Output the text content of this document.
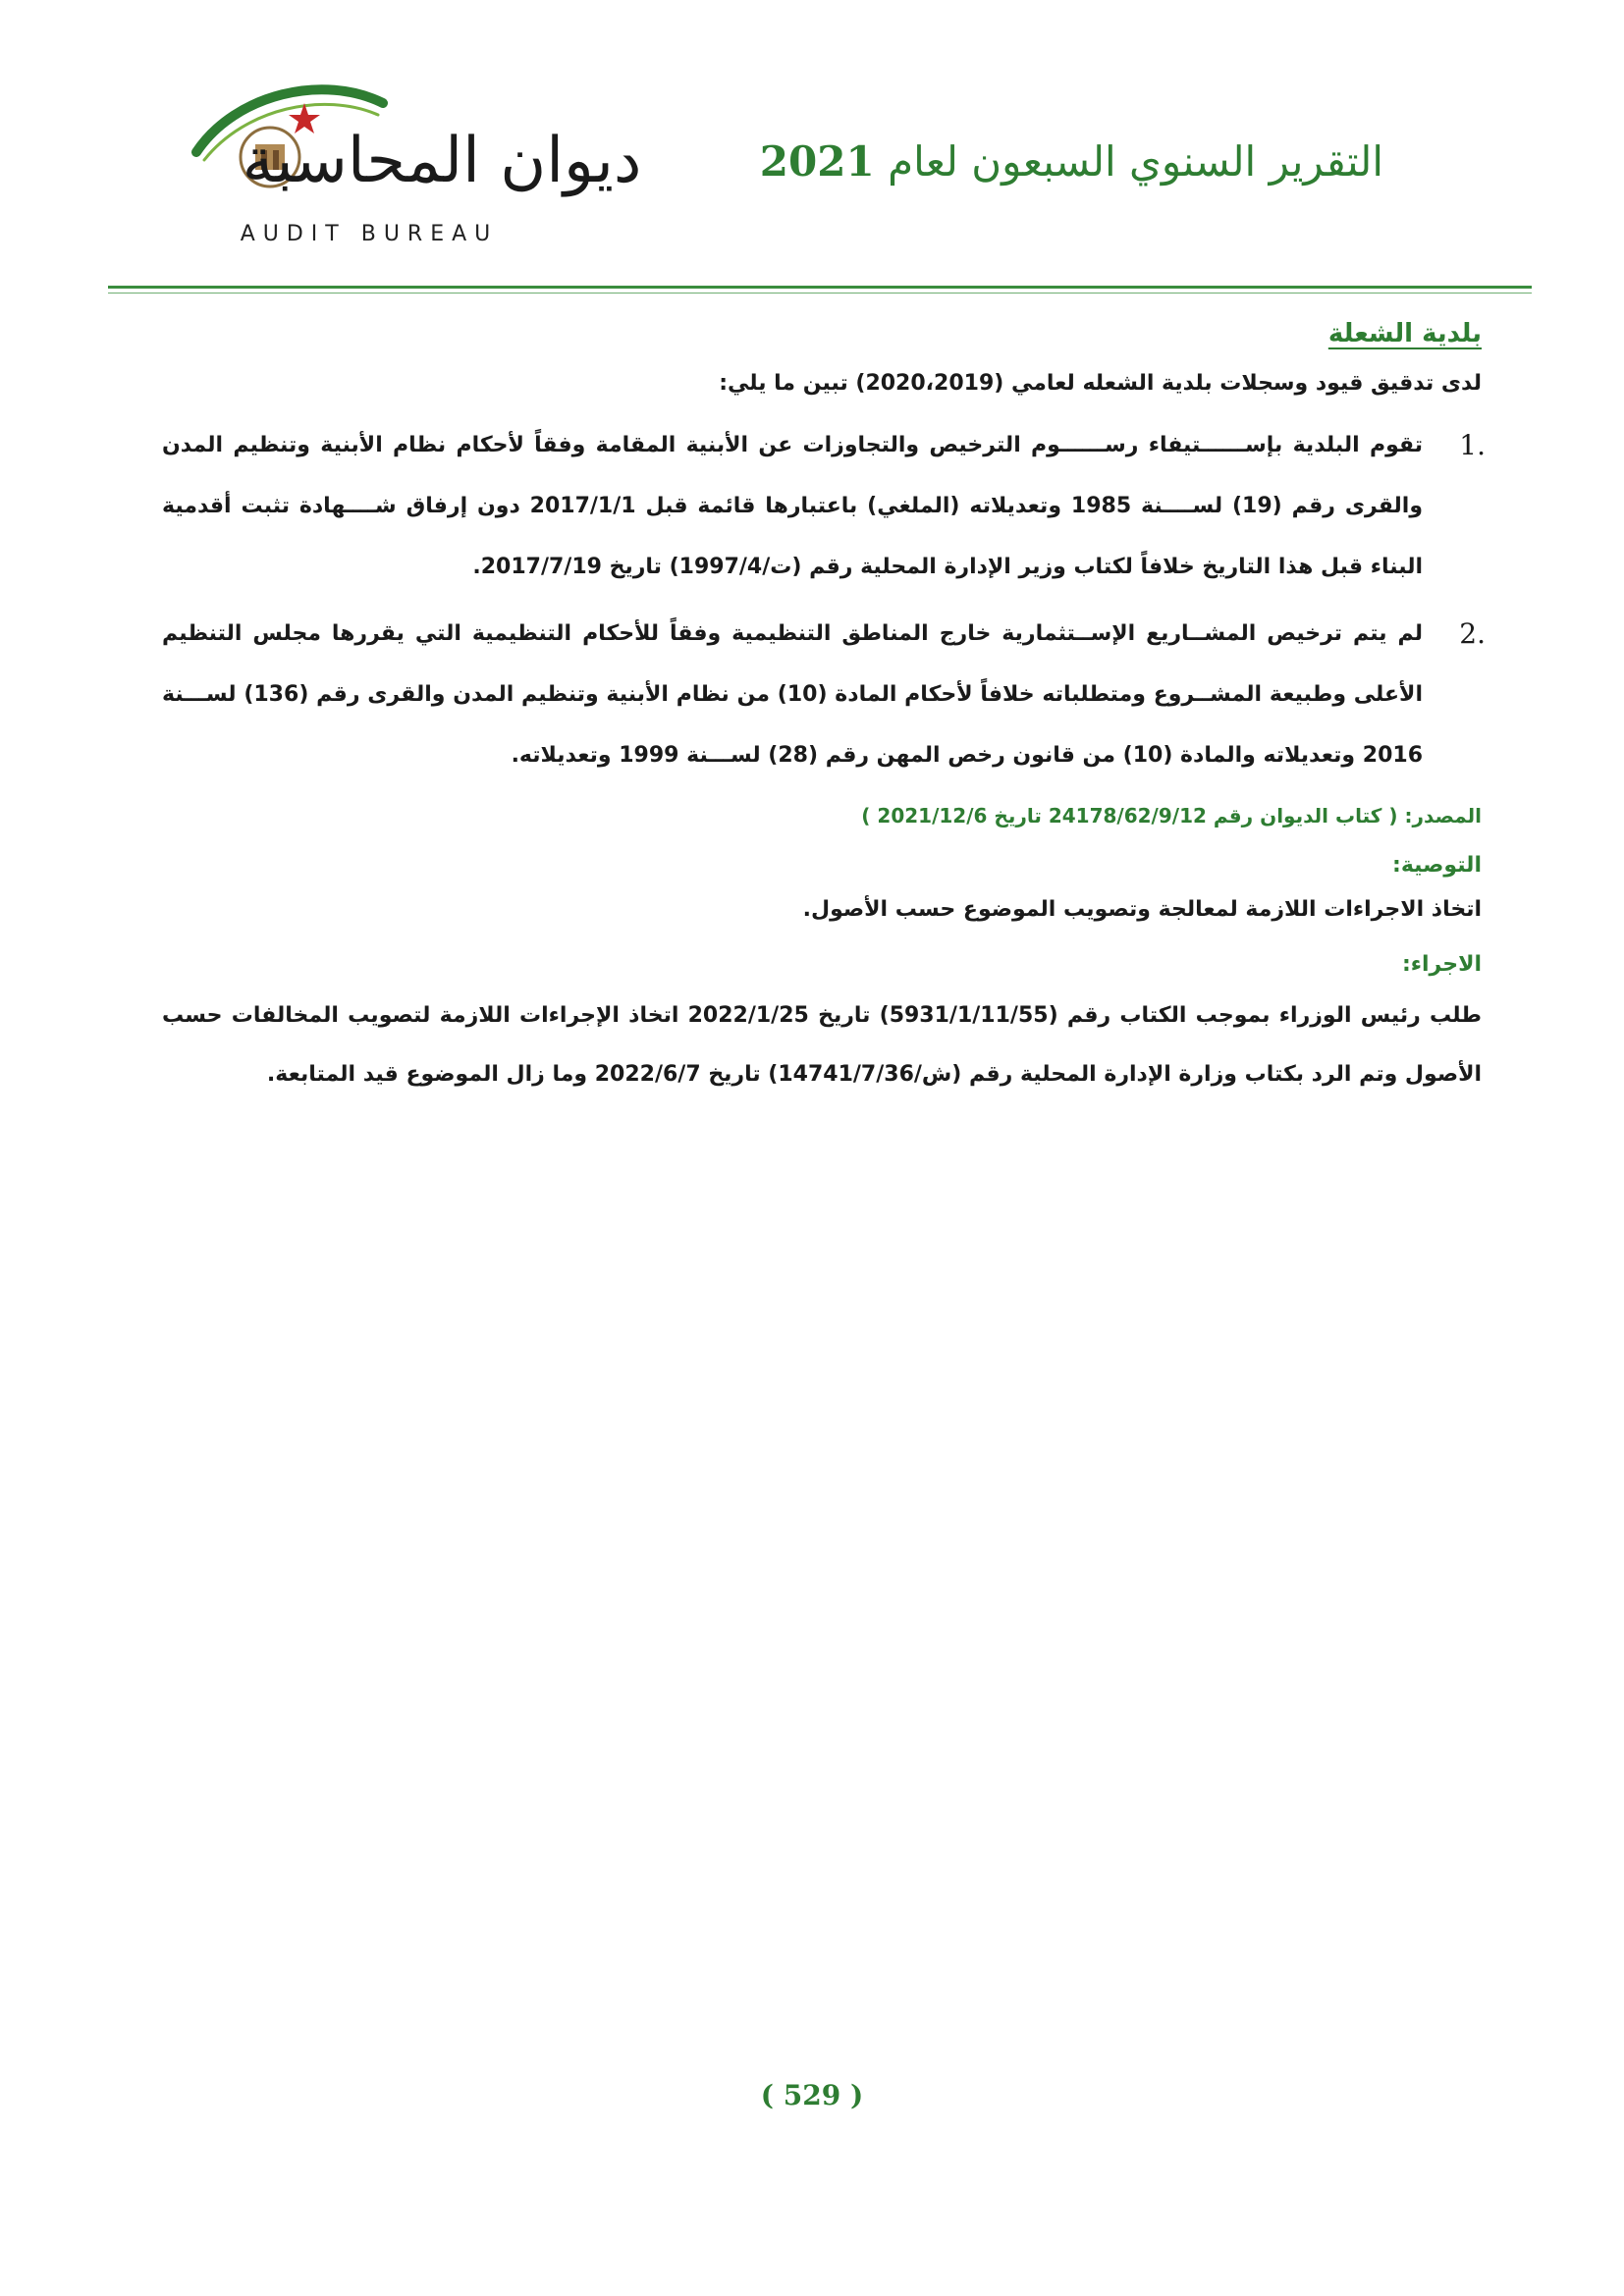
التقرير السنوي السبعون لعام 2021
ديوان المحاسبة
AUDIT BUREAU
بلدية الشعلة
لدى تدقيق قيود وسجلات بلدية الشعله لعامي (2020،2019) تبين ما يلي:
1.
تقوم البلدية بإســــــتيفاء رســــــوم الترخيص والتجاوزات عن الأبنية المقامة وفقاً لأحكام نظام الأبنية وتنظيم المدن والقرى رقم (19) لســــنة 1985 وتعديلاته (الملغي) باعتبارها قائمة قبل 2017/1/1 دون إرفاق شــــهادة تثبت أقدمية البناء قبل هذا التاريخ خلافاً لكتاب وزير الإدارة المحلية رقم (ت/1997/4) تاريخ 2017/7/19.
2.
لم يتم ترخيص المشــاريع الإســتثمارية خارج المناطق التنظيمية وفقاً للأحكام التنظيمية التي يقررها مجلس التنظيم الأعلى وطبيعة المشــروع ومتطلباته خلافاً لأحكام المادة (10) من نظام الأبنية وتنظيم المدن والقرى رقم (136) لســـنة 2016 وتعديلاته والمادة (10) من قانون رخص المهن رقم (28) لســـنة 1999 وتعديلاته.
المصدر: ( كتاب الديوان رقم 24178/62/9/12 تاريخ 2021/12/6 )
التوصية:
اتخاذ الاجراءات اللازمة لمعالجة وتصويب الموضوع حسب الأصول.
الاجراء:
طلب رئيس الوزراء بموجب الكتاب رقم (5931/1/11/55) تاريخ 2022/1/25 اتخاذ الإجراءات اللازمة لتصويب المخالفات حسب الأصول وتم الرد بكتاب وزارة الإدارة المحلية رقم (ش/14741/7/36) تاريخ 2022/6/7 وما زال الموضوع قيد المتابعة.
( 529 )
